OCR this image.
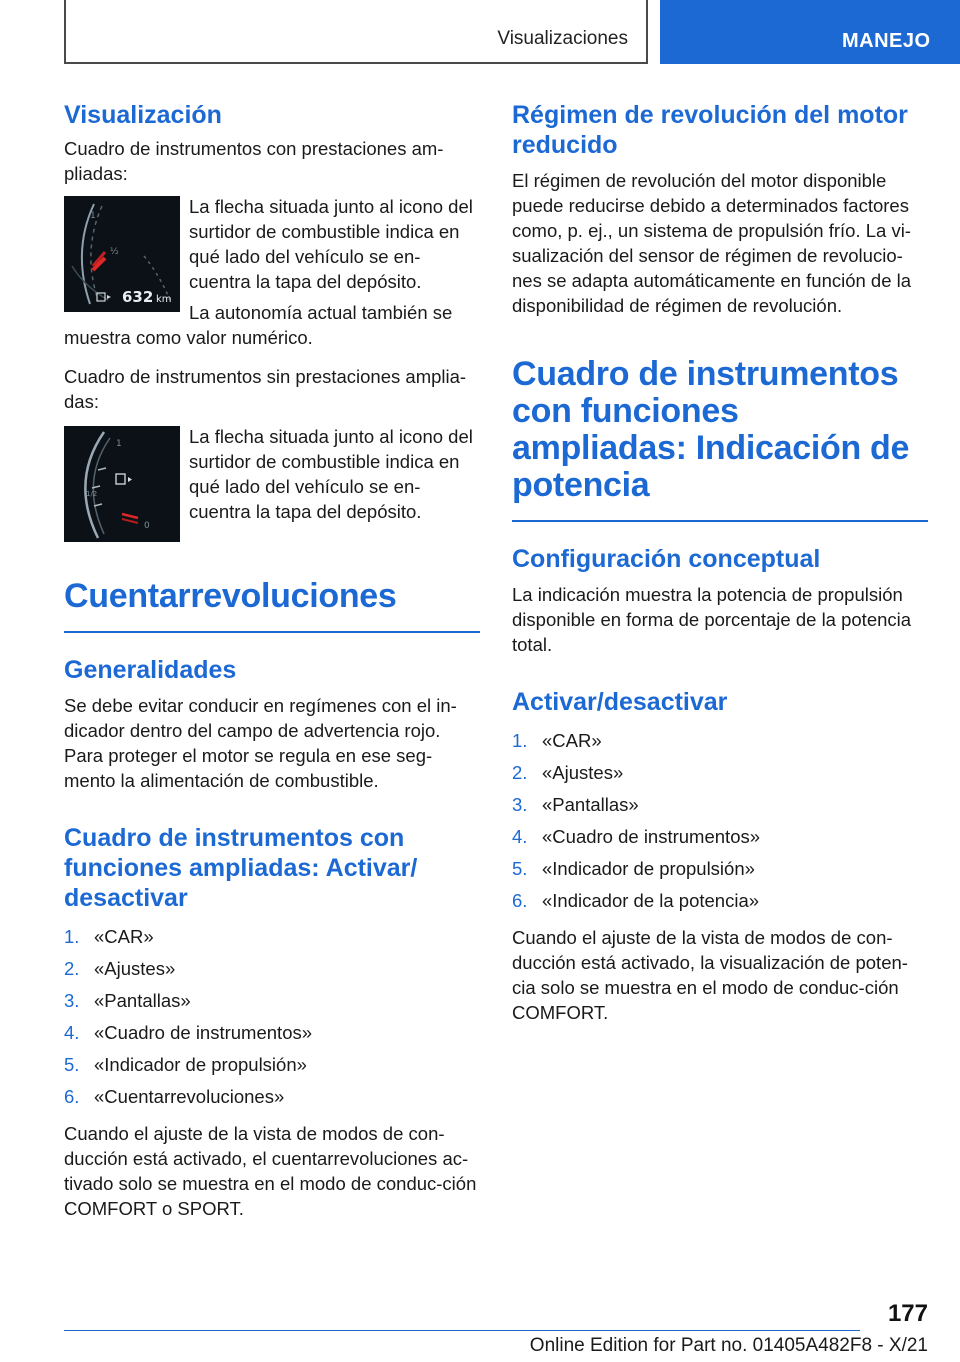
Visualizaciones	MANEJO
Visualización

Cuadro de instrumentos con prestaciones am-pliadas:

1
½
632 km

La flecha situada junto al icono del surtidor de combustible indica en qué lado del vehículo se en-cuentra la tapa del depósito.

La autonomía actual también se muestra como valor numérico.

Cuadro de instrumentos sin prestaciones amplia-das:

1
1/2
0

La flecha situada junto al icono del surtidor de combustible indica en qué lado del vehículo se en-cuentra la tapa del depósito.

Cuentarrevoluciones
Generalidades

Se debe evitar conducir en regímenes con el in-dicador dentro del campo de advertencia rojo. Para proteger el motor se regula en ese seg-mento la alimentación de combustible.

Cuadro de instrumentos con funciones ampliadas: Activar/ desactivar
1. «CAR»
2. «Ajustes»
3. «Pantallas»
4. «Cuadro de instrumentos»
5. «Indicador de propulsión»
6. «Cuentarrevoluciones»

Cuando el ajuste de la vista de modos de con-ducción está activado, el cuentarrevoluciones ac-tivado solo se muestra en el modo de conduc-ción COMFORT o SPORT.

Régimen de revolución del motor reducido

El régimen de revolución del motor disponible puede reducirse debido a determinados factores como, p. ej., un sistema de propulsión frío. La vi-sualización del sensor de régimen de revolucio-nes se adapta automáticamente en función de la disponibilidad de régimen de revolución.

Cuadro de instrumentos con funciones ampliadas: Indicación de potencia
Configuración conceptual

La indicación muestra la potencia de propulsión disponible en forma de porcentaje de la potencia total.

Activar/desactivar
1. «CAR»
2. «Ajustes»
3. «Pantallas»
4. «Cuadro de instrumentos»
5. «Indicador de propulsión»
6. «Indicador de la potencia»

Cuando el ajuste de la vista de modos de con-ducción está activado, la visualización de poten-cia solo se muestra en el modo de conduc-ción COMFORT.

177
Online Edition for Part no. 01405A482F8 - X/21
